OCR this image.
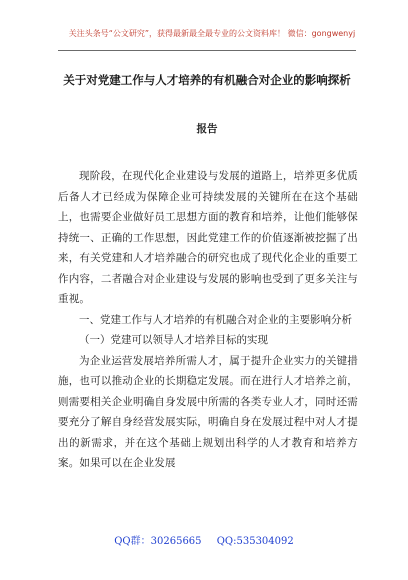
关注头条号“公文研究”，获得最新最全最专业的公文资料库！ 微信：gongwenyj
关于对党建工作与人才培养的有机融合对企业的影响探析
报告

现阶段，在现代化企业建设与发展的道路上，培养更多优质后备人才已经成为保障企业可持续发展的关键所在在这个基础上，也需要企业做好员工思想方面的教育和培养，让他们能够保持统一、正确的工作思想，因此党建工作的价值逐渐被挖掘了出来，有关党建和人才培养融合的研究也成了现代化企业的重要工作内容，二者融合对企业建设与发展的影响也受到了更多关注与重视。

一、党建工作与人才培养的有机融合对企业的主要影响分析

（一）党建可以领导人才培养目标的实现

为企业运营发展培养所需人才，属于提升企业实力的关键措施，也可以推动企业的长期稳定发展。而在进行人才培养之前，则需要相关企业明确自身发展中所需的各类专业人才，同时还需要充分了解自身经营发展实际，明确自身在发展过程中对人才提出的新需求，并在这个基础上规划出科学的人才教育和培养方案。如果可以在企业发展

QQ群：30265665 QQ:535304092
